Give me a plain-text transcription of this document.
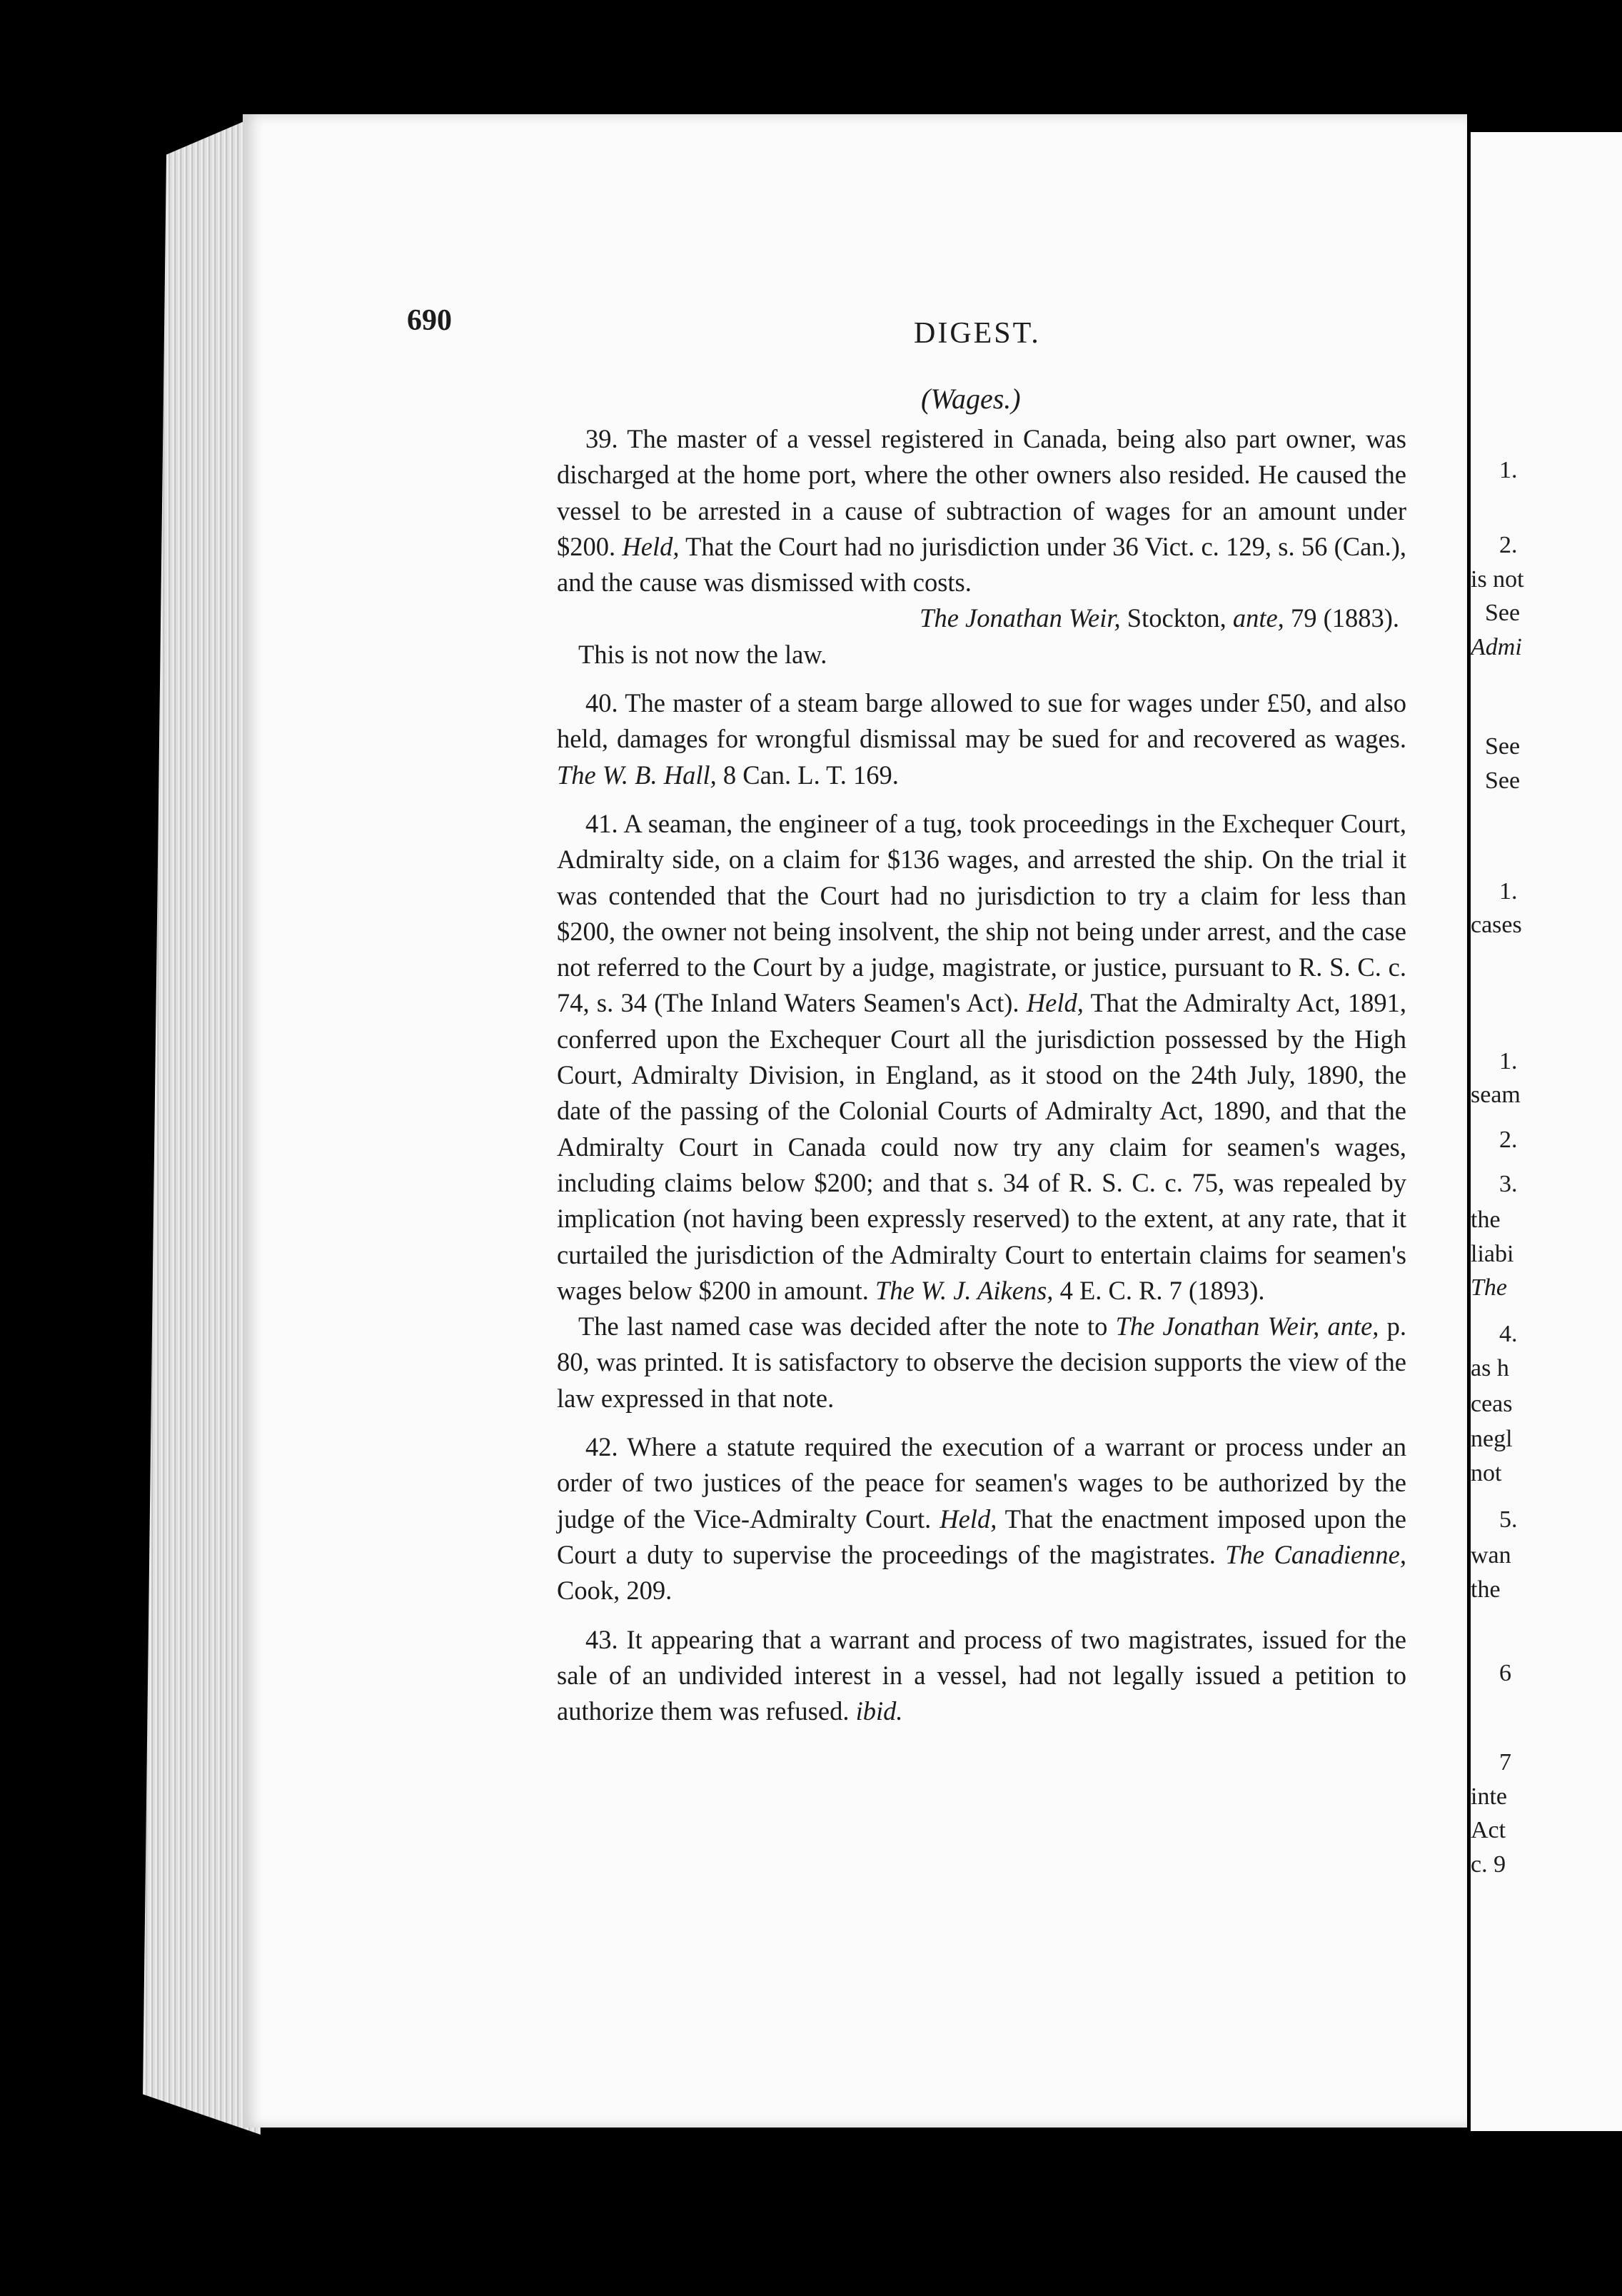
690	DIGEST.
(Wages.)

39. The master of a vessel registered in Canada, being also part owner, was discharged at the home port, where the other owners also resided. He caused the vessel to be arrested in a cause of subtraction of wages for an amount under $200. Held, That the Court had no jurisdiction under 36 Vict. c. 129, s. 56 (Can.), and the cause was dismissed with costs.

The Jonathan Weir, Stockton, ante, 79 (1883).

This is not now the law.

40. The master of a steam barge allowed to sue for wages under £50, and also held, damages for wrongful dismissal may be sued for and recovered as wages. The W. B. Hall, 8 Can. L. T. 169.

41. A seaman, the engineer of a tug, took proceedings in the Exchequer Court, Admiralty side, on a claim for $136 wages, and arrested the ship. On the trial it was contended that the Court had no jurisdiction to try a claim for less than $200, the owner not being insolvent, the ship not being under arrest, and the case not referred to the Court by a judge, magistrate, or justice, pursuant to R. S. C. c. 74, s. 34 (The Inland Waters Seamen's Act). Held, That the Admiralty Act, 1891, conferred upon the Exchequer Court all the jurisdiction possessed by the High Court, Admiralty Division, in England, as it stood on the 24th July, 1890, the date of the passing of the Colonial Courts of Admiralty Act, 1890, and that the Admiralty Court in Canada could now try any claim for seamen's wages, including claims below $200; and that s. 34 of R. S. C. c. 75, was repealed by implication (not having been expressly reserved) to the extent, at any rate, that it curtailed the jurisdiction of the Admiralty Court to entertain claims for seamen's wages below $200 in amount. The W. J. Aikens, 4 E. C. R. 7 (1893).

The last named case was decided after the note to The Jonathan Weir, ante, p. 80, was printed. It is satisfactory to observe the decision supports the view of the law expressed in that note.

42. Where a statute required the execution of a warrant or process under an order of two justices of the peace for seamen's wages to be authorized by the judge of the Vice-Admiralty Court. Held, That the enactment imposed upon the Court a duty to supervise the proceedings of the magistrates. The Canadienne, Cook, 209.

43. It appearing that a warrant and process of two magistrates, issued for the sale of an undivided interest in a vessel, had not legally issued a petition to authorize them was refused. ibid.

1.
2.
is not
See
Admi
See
See
1.
cases
1.
seam
2.
3.
the
liabi
The
4.
as h
ceas
negl
not
5.
wan
the
6
7
inte
Act
c. 9
